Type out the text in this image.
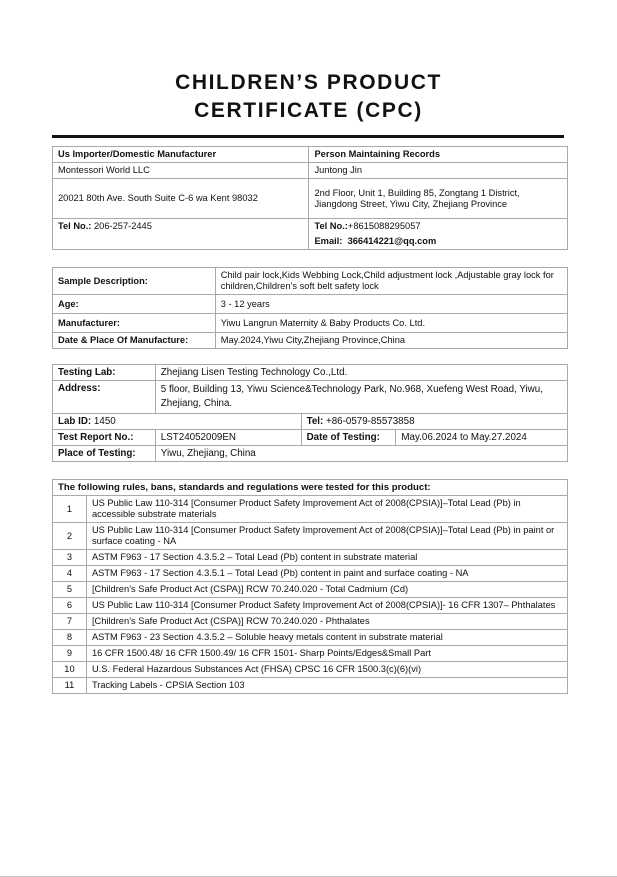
CHILDREN’S PRODUCT
CERTIFICATE (CPC)
Us Importer/Domestic Manufacturer	Person Maintaining Records
Montessori World LLC	Juntong Jin
20021 80th Ave. South Suite C-6 wa Kent 98032	2nd Floor, Unit 1, Building 85, Zongtang 1 District, Jiangdong Street, Yiwu City, Zhejiang Province
Tel No.: 206-257-2445	Tel No.:+8615088295057
	Email: 366414221@qq.com
Sample Description:	Child pair lock,Kids Webbing Lock,Child adjustment lock ,Adjustable gray lock for children,Children’s soft belt safety lock
Age:	3 - 12 years
Manufacturer:	Yiwu Langrun Maternity & Baby Products Co. Ltd.
Date & Place Of Manufacture:	May.2024,Yiwu City,Zhejiang Province,China
Testing Lab:	Zhejiang Lisen Testing Technology Co.,Ltd.		
Address:	5 floor, Building 13, Yiwu Science&Technology Park, No.968, Xuefeng West Road, Yiwu, Zhejiang, China.		
Lab ID: 1450		Tel: +86-0579-85573858	
Test Report No.:	LST24052009EN	Date of Testing:	May.06.2024 to May.27.2024
Place of Testing:	Yiwu, Zhejiang, China		
The following rules, bans, standards and regulations were tested for this product:	
1	US Public Law 110-314 [Consumer Product Safety Improvement Act of 2008(CPSIA)]–Total Lead (Pb) in accessible substrate materials
2	US Public Law 110-314 [Consumer Product Safety Improvement Act of 2008(CPSIA)]–Total Lead (Pb) in paint or surface coating - NA
3	ASTM F963 - 17 Section 4.3.5.2 – Total Lead (Pb) content in substrate material
4	ASTM F963 - 17 Section 4.3.5.1 – Total Lead (Pb) content in paint and surface coating - NA
5	[Children’s Safe Product Act (CSPA)] RCW 70.240.020 - Total Cadmium (Cd)
6	US Public Law 110-314 [Consumer Product Safety Improvement Act of 2008(CPSIA)]- 16 CFR 1307– Phthalates
7	[Children’s Safe Product Act (CSPA)] RCW 70.240.020 - Phthalates
8	ASTM F963 - 23 Section 4.3.5.2 – Soluble heavy metals content in substrate material
9	16 CFR 1500.48/ 16 CFR 1500.49/ 16 CFR 1501- Sharp Points/Edges&Small Part
10	U.S. Federal Hazardous Substances Act (FHSA) CPSC 16 CFR 1500.3(c)(6)(vi)
11	Tracking Labels - CPSIA Section 103
